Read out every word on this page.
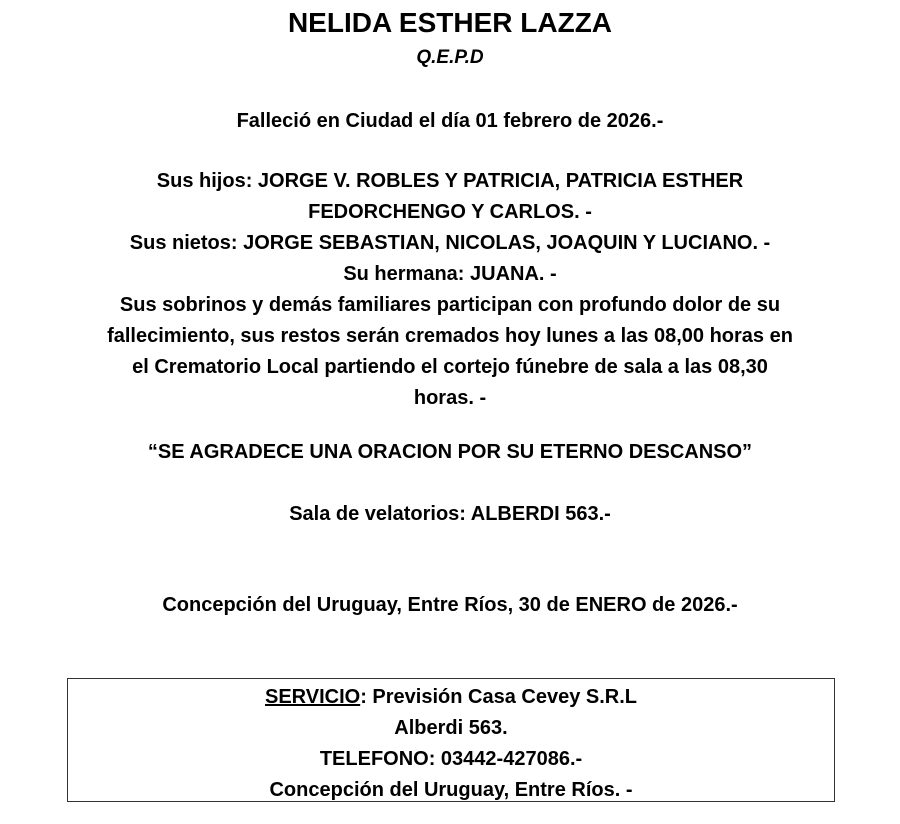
NELIDA ESTHER LAZZA
Q.E.P.D
Falleció en Ciudad el día 01 febrero de 2026.-
Sus hijos: JORGE V. ROBLES Y PATRICIA, PATRICIA ESTHER
FEDORCHENGO Y CARLOS. -
Sus nietos: JORGE SEBASTIAN, NICOLAS, JOAQUIN Y LUCIANO. -
Su hermana: JUANA. -
Sus sobrinos y demás familiares participan con profundo dolor de su
fallecimiento, sus restos serán cremados hoy lunes a las 08,00 horas en
el Crematorio Local partiendo el cortejo fúnebre de sala a las 08,30
horas. -
“SE AGRADECE UNA ORACION POR SU ETERNO DESCANSO”
Sala de velatorios: ALBERDI 563.-
Concepción del Uruguay, Entre Ríos, 30 de ENERO de 2026.-
SERVICIO: Previsión Casa Cevey S.R.L
Alberdi 563.
TELEFONO: 03442-427086.-
Concepción del Uruguay, Entre Ríos. -
